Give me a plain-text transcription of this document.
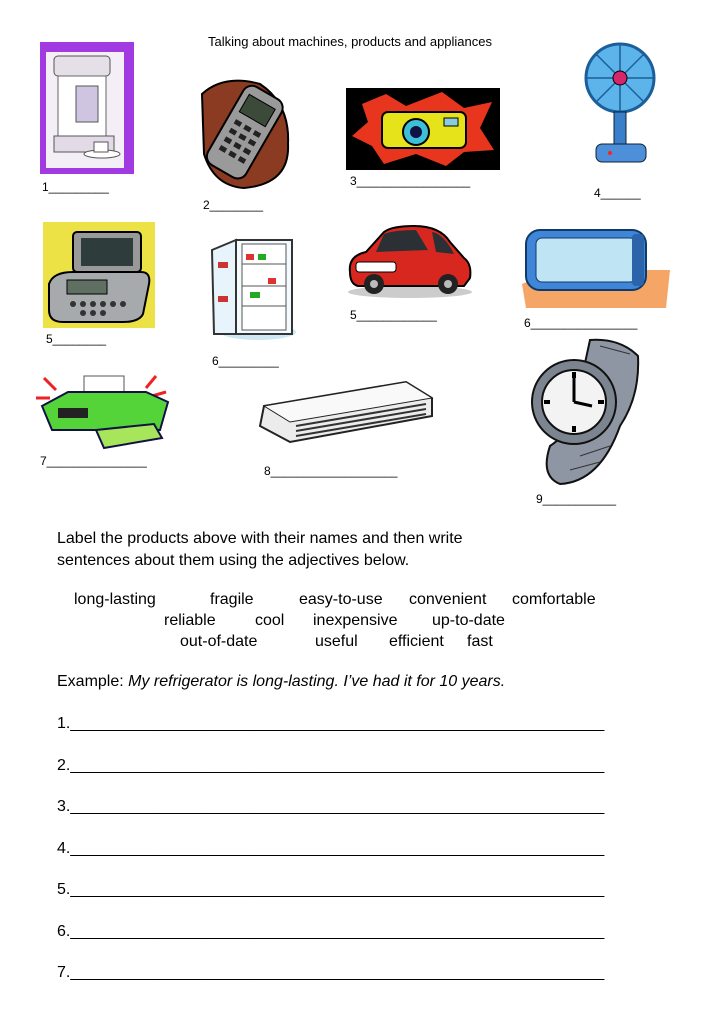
Talking about machines, products and appliances
1_________
2________
3_________________
4______
5________
6_________
5____________
6________________
7_______________
8___________________
9___________
Label the products above with their names and then write
sentences about them using the adjectives below.
long-lasting	fragile	easy-to-use convenient comfortable
reliable cool inexpensive up-to-date
out-of-date	useful efficient fast
Example: My refrigerator is long-lasting. I’ve had it for 10 years.
1.____________________________________________________________
2.____________________________________________________________
3.____________________________________________________________
4.____________________________________________________________
5.____________________________________________________________
6.____________________________________________________________
7.____________________________________________________________
